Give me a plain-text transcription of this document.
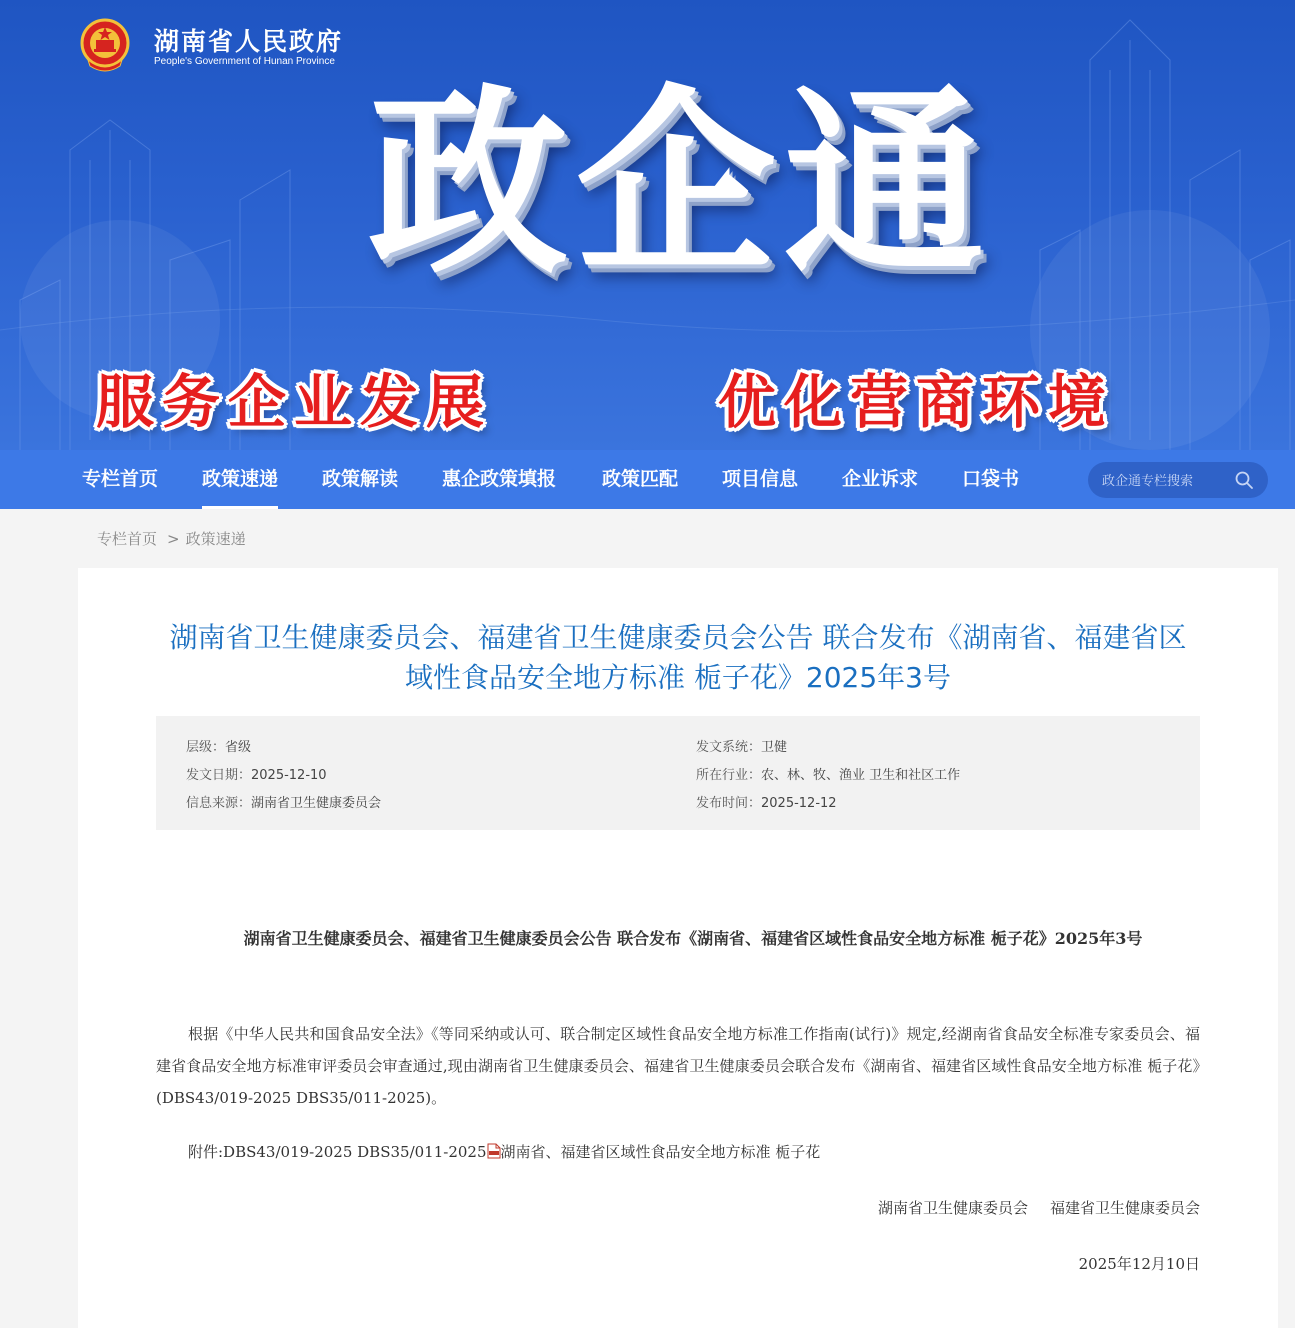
湖南省人民政府
People's Government of Hunan Province
政企通
服务企业发展	优化营商环境
专栏首页 政策速递 政策解读 惠企政策填报 政策匹配 项目信息 企业诉求 口袋书
政企通专栏搜索
专栏首页 > 政策速递
湖南省卫生健康委员会、福建省卫生健康委员会公告 联合发布《湖南省、福建省区域性食品安全地方标准 栀子花》2025年3号
层级：省级	发文系统：卫健
发文日期：2025-12-10	所在行业：农、林、牧、渔业 卫生和社区工作
信息来源：湖南省卫生健康委员会	发布时间：2025-12-12
湖南省卫生健康委员会、福建省卫生健康委员会公告 联合发布《湖南省、福建省区域性食品安全地方标准 栀子花》2025年3号

根据《中华人民共和国食品安全法》《等同采纳或认可、联合制定区域性食品安全地方标准工作指南(试行)》规定,经湖南省食品安全标准专家委员会、福建省食品安全地方标准审评委员会审查通过,现由湖南省卫生健康委员会、福建省卫生健康委员会联合发布《湖南省、福建省区域性食品安全地方标准 栀子花》(DBS43/019-2025 DBS35/011-2025)。

附件:DBS43/019-2025 DBS35/011-2025 湖南省、福建省区域性食品安全地方标准 栀子花
湖南省卫生健康委员会 福建省卫生健康委员会
2025年12月10日
